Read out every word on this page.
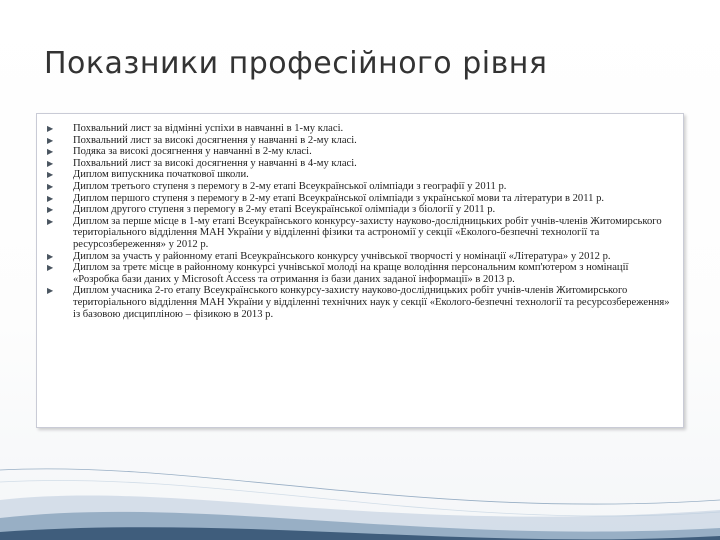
Показники професійного рівня
▶ Похвальний лист за відмінні успіхи в навчанні в 1-му класі.
▶ Похвальний лист за високі досягнення у навчанні в 2-му класі.
▶ Подяка за високі досягнення у навчанні в 2-му класі.
▶ Похвальний лист за високі досягнення у навчанні в 4-му класі.
▶ Диплом випускника початкової школи.
▶ Диплом третього ступеня з перемогу в 2-му етапі Всеукраїнської олімпіади з географії у 2011 р.
▶ Диплом першого ступеня з перемогу в 2-му етапі Всеукраїнської олімпіади з української мови та літератури в 2011 р.
▶ Диплом другого ступеня з перемогу в 2-му етапі Всеукраїнської олімпіади з біології у 2011 р.
▶ Диплом за перше місце в 1-му етапі Всеукраїнського конкурсу-захисту науково-дослідницьких робіт учнів-членів Житомирського територіального відділення МАН України у відділенні фізики та астрономії у секції «Еколого-безпечні технології та ресурсозбереження» у 2012 р.
▶ Диплом за участь у районному етапі Всеукраїнського конкурсу учнівської творчості у номінації «Література» у 2012 р.
▶ Диплом за третє місце в районному конкурсі учнівської молоді на краще володіння персональним комп'ютером з номінації «Розробка бази даних у Microsoft Access та отримання із бази даних заданої інформації» в 2013 р.
▶ Диплом учасника 2-го етапу Всеукраїнського конкурсу-захисту науково-дослідницьких робіт учнів-членів Житомирського територіального відділення МАН України у відділенні технічних наук у секції «Еколого-безпечні технології та ресурсозбереження» із базовою дисципліною – фізикою в 2013 р.
